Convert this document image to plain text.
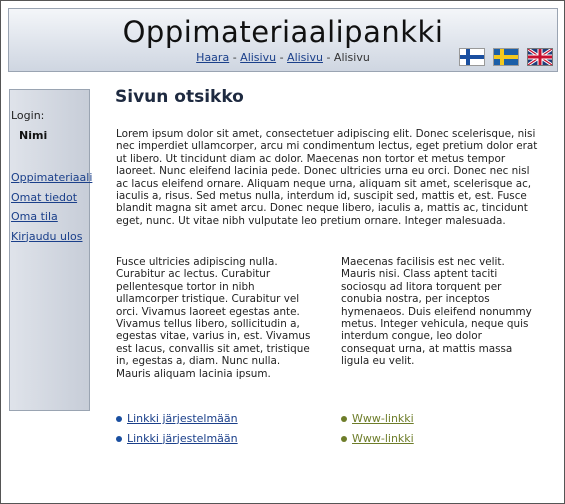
Oppimateriaalipankki
Haara - Alisivu - Alisivu - Alisivu
Login:
Nimi
Oppimateriaali
Omat tiedot
Oma tila
Kirjaudu ulos
Sivun otsikko

Lorem ipsum dolor sit amet, consectetuer adipiscing elit. Donec scelerisque, nisi nec imperdiet ullamcorper, arcu mi condimentum lectus, eget pretium dolor erat ut libero. Ut tincidunt diam ac dolor. Maecenas non tortor et metus tempor laoreet. Nunc eleifend lacinia pede. Donec ultricies urna eu orci. Donec nec nisl ac lacus eleifend ornare. Aliquam neque urna, aliquam sit amet, scelerisque ac, iaculis a, risus. Sed metus nulla, interdum id, suscipit sed, mattis et, est. Fusce blandit magna sit amet arcu. Donec neque libero, iaculis a, mattis ac, tincidunt eget, nunc. Ut vitae nibh vulputate leo pretium ornare. Integer malesuada.

Fusce ultricies adipiscing nulla. Curabitur ac lectus. Curabitur pellentesque tortor in nibh ullamcorper tristique. Curabitur vel orci. Vivamus laoreet egestas ante. Vivamus tellus libero, sollicitudin a, egestas vitae, varius in, est. Vivamus est lacus, convallis sit amet, tristique in, egestas a, diam. Nunc nulla. Mauris aliquam lacinia ipsum.

Maecenas facilisis est nec velit. Mauris nisi. Class aptent taciti sociosqu ad litora torquent per conubia nostra, per inceptos hymenaeos. Duis eleifend nonummy metus. Integer vehicula, neque quis interdum congue, leo dolor consequat urna, at mattis massa ligula eu velit.

Linkki järjestelmään
Linkki järjestelmään
Www-linkki
Www-linkki
